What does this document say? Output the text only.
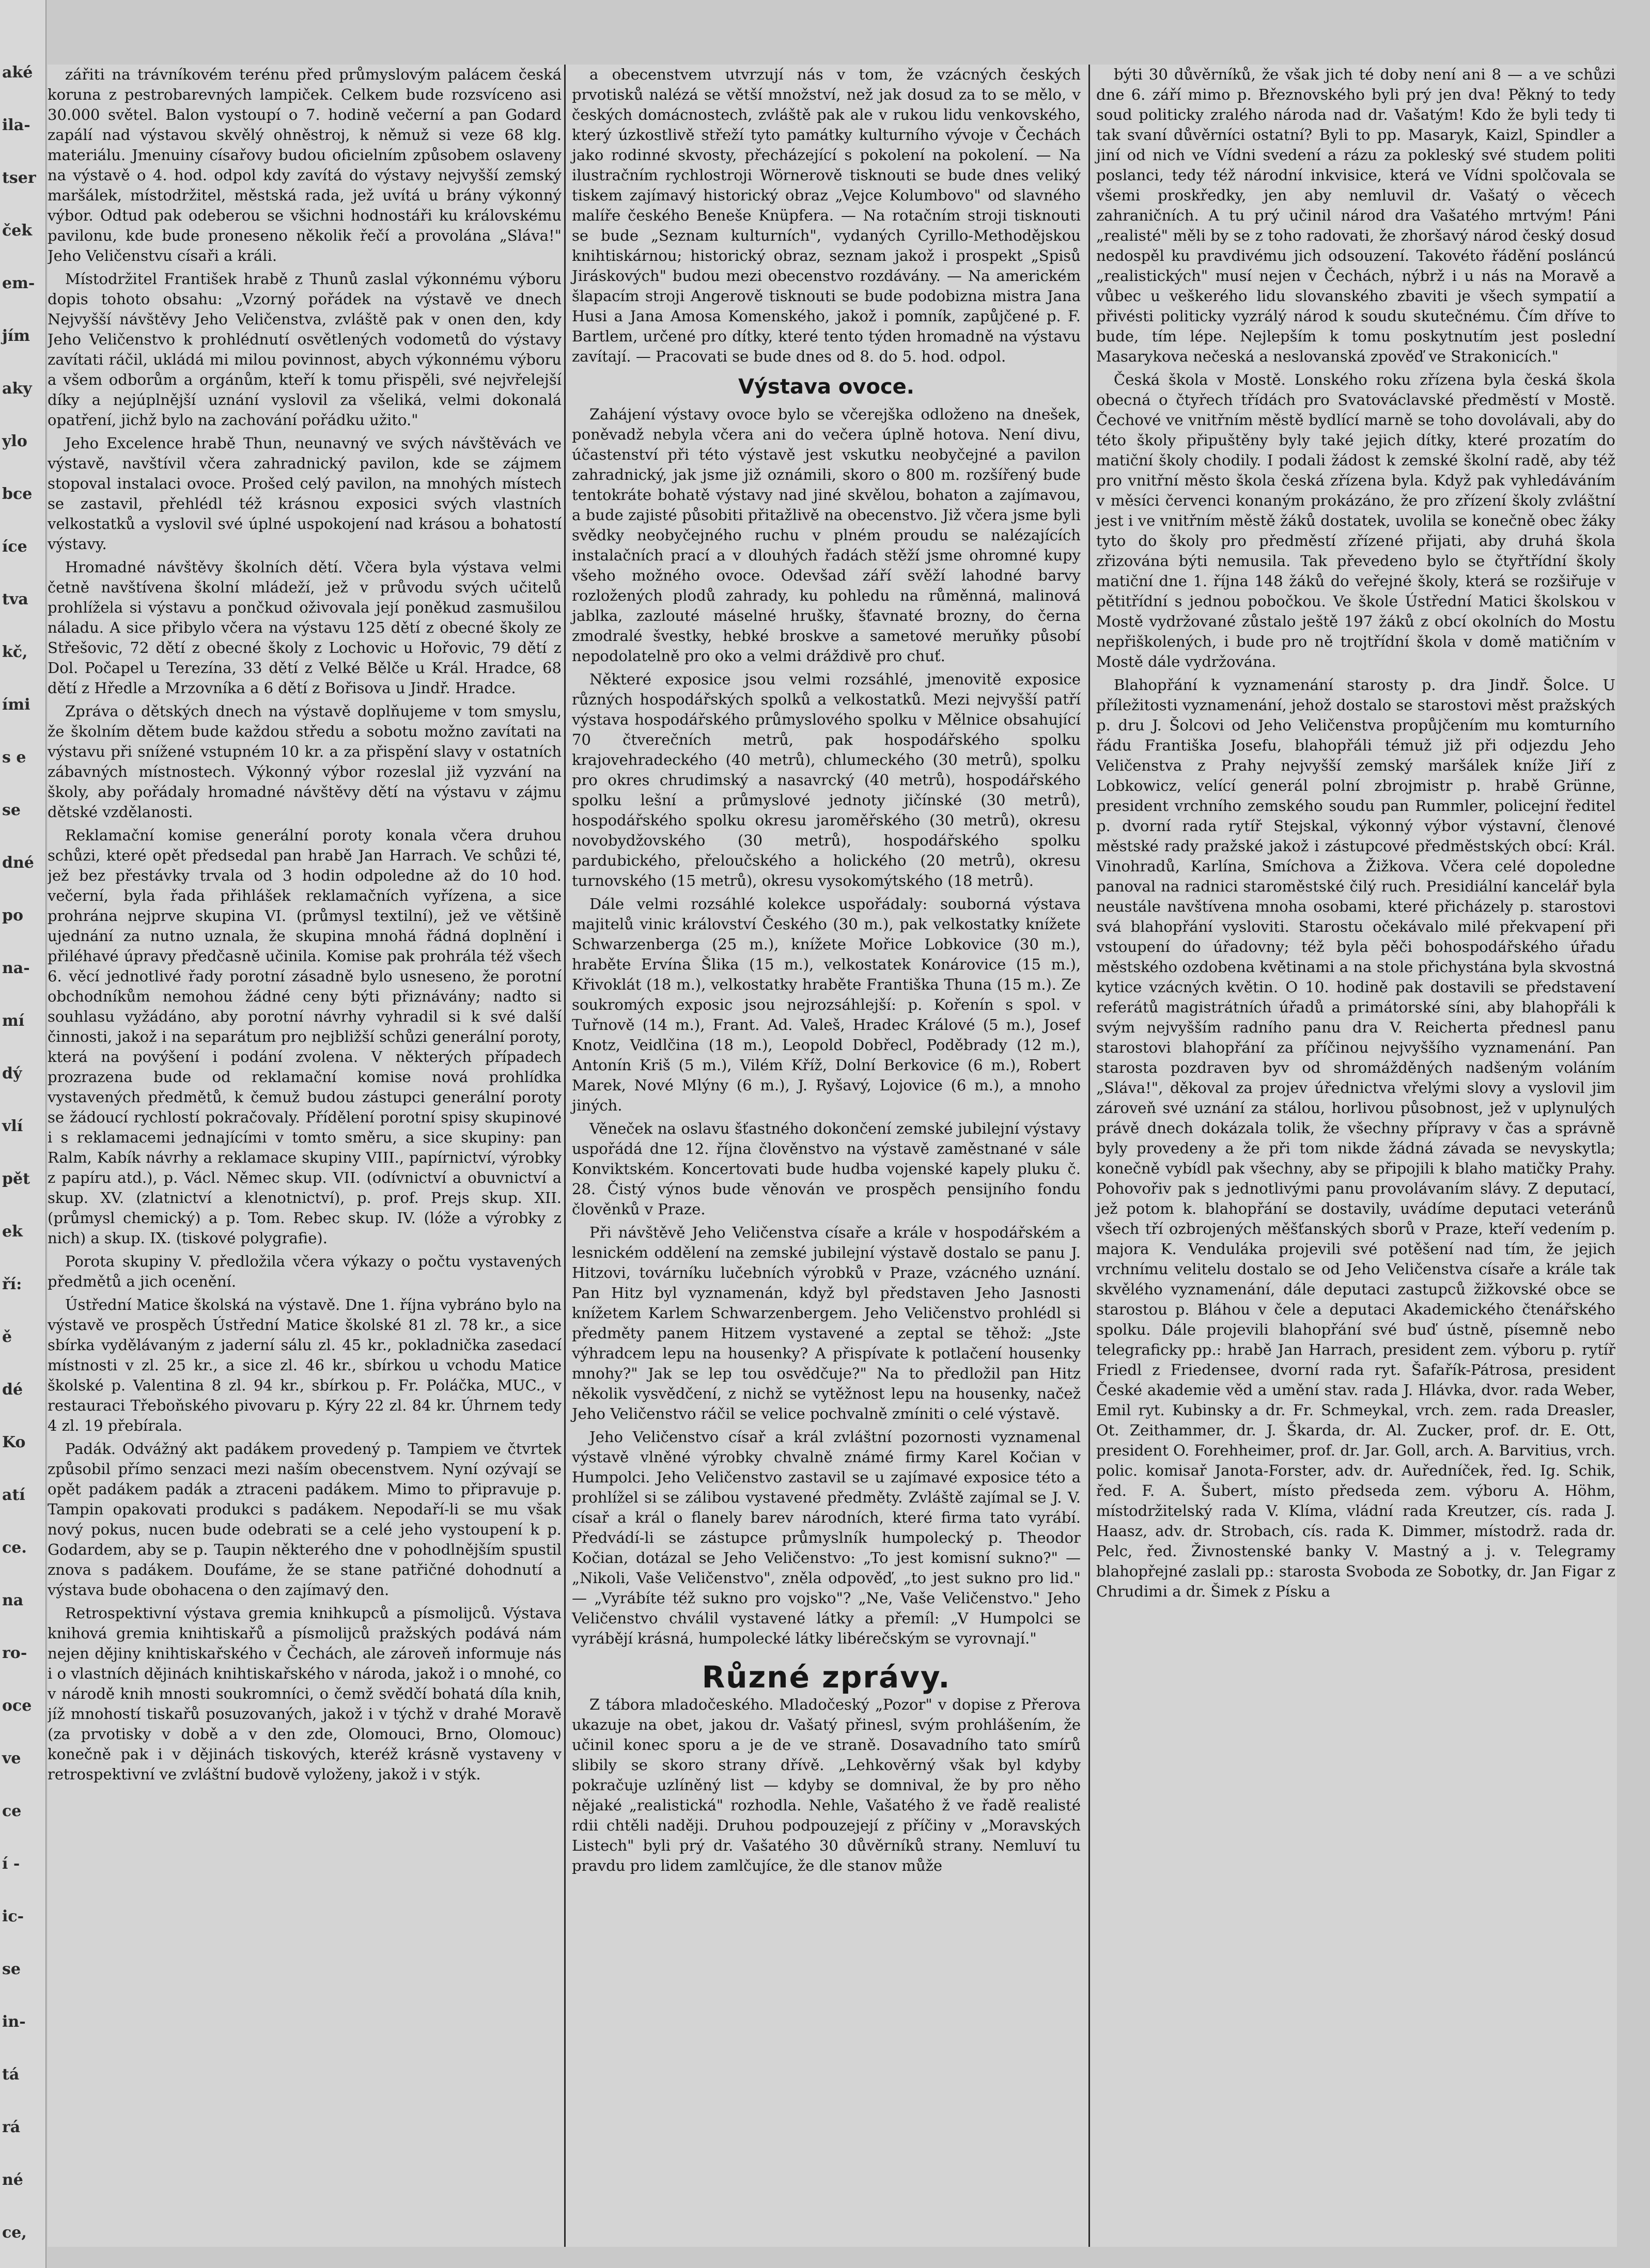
aké
ila-
tser
ček
em-
jím
aky
ylo
bce
íce
tva
kč,
ími
s e
se
dné
po
na-
mí
dý
vlí
pět
ek
ří:
ě
dé
Ko
atí
ce.
na
ro-
oce
ve
ce
í -
ic-
se
in-
tá
rá
né
ce,

zářiti na trávníkovém terénu před průmyslovým palácem česká koruna z pestrobarevných lampiček. Celkem bude rozsvíceno asi 30.000 světel. Balon vystoupí o 7. hodině večerní a pan Godard zapálí nad výstavou skvělý ohněstroj, k němuž si veze 68 klg. materiálu. Jmenuiny císařovy budou oficielním způsobem oslaveny na výstavě o 4. hod. odpol kdy zavítá do výstavy nejvyšší zemský maršálek, místodržitel, městská rada, jež uvítá u brány výkonný výbor. Odtud pak odeberou se všichni hodnostáři ku královskému pavilonu, kde bude proneseno několik řečí a provolána „Sláva!" Jeho Veličenstvu císaři a králi.

Místodržitel František hrabě z Thunů zaslal výkonnému výboru dopis tohoto obsahu: „Vzorný pořádek na výstavě ve dnech Nejvyšší návštěvy Jeho Veličenstva, zvláště pak v onen den, kdy Jeho Veličenstvo k prohlédnutí osvětlených vodometů do výstavy zavítati ráčil, ukládá mi milou povinnost, abych výkonnému výboru a všem odborům a orgánům, kteří k tomu přispěli, své nejvřelejší díky a nejúplnější uznání vyslovil za všeliká, velmi dokonalá opatření, jichž bylo na zachování pořádku užito."

Jeho Excelence hrabě Thun, neunavný ve svých návštěvách ve výstavě, navštívil včera zahradnický pavilon, kde se zájmem stopoval instalaci ovoce. Prošed celý pavilon, na mnohých místech se zastavil, přehlédl též krásnou exposici svých vlastních velkostatků a vyslovil své úplné uspokojení nad krásou a bohatostí výstavy.

Hromadné návštěvy školních dětí. Včera byla výstava velmi četně navštívena školní mládeží, jež v průvodu svých učitelů prohlížela si výstavu a pončkud oživovala její poněkud zasmušilou náladu. A sice přibylo včera na výstavu 125 dětí z obecné školy ze Střešovic, 72 dětí z obecné školy z Lochovic u Hořovic, 79 dětí z Dol. Počapel u Terezína, 33 dětí z Velké Bělče u Král. Hradce, 68 dětí z Hředle a Mrzovníka a 6 dětí z Bořisova u Jindř. Hradce.

Zpráva o dětských dnech na výstavě doplňujeme v tom smyslu, že školním dětem bude každou středu a sobotu možno zavítati na výstavu při snížené vstupném 10 kr. a za přispění slavy v ostatních zábavných místnostech. Výkonný výbor rozeslal již vyzvání na školy, aby pořádaly hromadné návštěvy dětí na výstavu v zájmu dětské vzdělanosti.

Reklamační komise generální poroty konala včera druhou schůzi, které opět předsedal pan hrabě Jan Harrach. Ve schůzi té, jež bez přestávky trvala od 3 hodin odpoledne až do 10 hod. večerní, byla řada přihlášek reklamačních vyřízena, a sice prohrána nejprve skupina VI. (průmysl textilní), jež ve většině ujednání za nutno uznala, že skupina mnohá řádná doplnění i přiléhavé úpravy předčasně učinila. Komise pak prohrála též všech 6. věcí jednotlivé řady porotní zásadně bylo usneseno, že porotní obchodníkům nemohou žádné ceny býti přiznávány; nadto si souhlasu vyžádáno, aby porotní návrhy vyhradil si k své další činnosti, jakož i na separátum pro nejbližší schůzi generální poroty, která na povýšení i podání zvolena. V některých případech prozrazena bude od reklamační komise nová prohlídka vystavených předmětů, k čemuž budou zástupci generální poroty se žádoucí rychlostí pokračovaly. Přídělení porotní spisy skupinové i s reklamacemi jednajícími v tomto směru, a sice skupiny: pan Ralm, Kabík návrhy a reklamace skupiny VIII., papírnictví, výrobky z papíru atd.), p. Václ. Němec skup. VII. (odívnictví a obuvnictví a skup. XV. (zlatnictví a klenotnictví), p. prof. Prejs skup. XII. (průmysl chemický) a p. Tom. Rebec skup. IV. (lóže a výrobky z nich) a skup. IX. (tiskové polygrafie).

Porota skupiny V. předložila včera výkazy o počtu vystavených předmětů a jich ocenění.

Ústřední Matice školská na výstavě. Dne 1. října vybráno bylo na výstavě ve prospěch Ústřední Matice školské 81 zl. 78 kr., a sice sbírka vydělávaným z jaderní sálu zl. 45 kr., pokladnička zasedací místnosti v zl. 25 kr., a sice zl. 46 kr., sbírkou u vchodu Matice školské p. Valentina 8 zl. 94 kr., sbírkou p. Fr. Poláčka, MUC., v restauraci Třeboňského pivovaru p. Kýry 22 zl. 84 kr. Úhrnem tedy 4 zl. 19 přebírala.

Padák. Odvážný akt padákem provedený p. Tampiem ve čtvrtek způsobil přímo senzaci mezi naším obecenstvem. Nyní ozývají se opět padákem padák a ztraceni padákem. Mimo to připravuje p. Tampin opakovati produkci s padákem. Nepodaří-li se mu však nový pokus, nucen bude odebrati se a celé jeho vystoupení k p. Godardem, aby se p. Taupin některého dne v pohodlnějším spustil znova s padákem. Doufáme, že se stane patřičné dohodnutí a výstava bude obohacena o den zajímavý den.

Retrospektivní výstava gremia knihkupců a písmolijců. Výstava knihová gremia knihtiskařů a písmolijců pražských podává nám nejen dějiny knihtiskařského v Čechách, ale zároveň informuje nás i o vlastních dějinách knihtiskařského v národa, jakož i o mnohé, co v národě knih mnosti soukromníci, o čemž svědčí bohatá díla knih, jíž mnohostí tiskařů posuzovaných, jakož i v týchž v drahé Moravě (za prvotisky v době a v den zde, Olomouci, Brno, Olomouc) konečně pak i v dějinách tiskových, kteréž krásně vystaveny v retrospektivní ve zvláštní budově vyloženy, jakož i v stýk.

a obecenstvem utvrzují nás v tom, že vzácných českých prvotisků nalézá se větší množství, než jak dosud za to se mělo, v českých domácnostech, zvláště pak ale v rukou lidu venkovského, který úzkostlivě střeží tyto památky kulturního vývoje v Čechách jako rodinné skvosty, přecházející s pokolení na pokolení. — Na ilustračním rychlostroji Wörnerově tisknouti se bude dnes veliký tiskem zajímavý historický obraz „Vejce Kolumbovo" od slavného malíře českého Beneše Knüpfera. — Na rotačním stroji tisknouti se bude „Seznam kulturních", vydaných Cyrillo-Methodějskou knihtiskárnou; historický obraz, seznam jakož i prospekt „Spisů Jiráskových" budou mezi obecenstvo rozdávány. — Na americkém šlapacím stroji Angerově tisknouti se bude podobizna mistra Jana Husi a Jana Amosa Komenského, jakož i pomník, zapůjčené p. F. Bartlem, určené pro dítky, které tento týden hromadně na výstavu zavítají. — Pracovati se bude dnes od 8. do 5. hod. odpol.

Výstava ovoce.

Zahájení výstavy ovoce bylo se včerejška odloženo na dnešek, poněvadž nebyla včera ani do večera úplně hotova. Není divu, účastenství při této výstavě jest vskutku neobyčejné a pavilon zahradnický, jak jsme již oznámili, skoro o 800 m. rozšířený bude tentokráte bohatě výstavy nad jiné skvělou, bohaton a zajímavou, a bude zajisté působiti přitažlivě na obecenstvo. Již včera jsme byli svědky neobyčejného ruchu v plném proudu se nalézajících instalačních prací a v dlouhých řadách stěží jsme ohromné kupy všeho možného ovoce. Odevšad září svěží lahodné barvy rozložených plodů zahrady, ku pohledu na růměnná, malinová jablka, zazlouté máselné hrušky, šťavnaté brozny, do černa zmodralé švestky, hebké broskve a sametové meruňky působí nepodolatelně pro oko a velmi dráždivě pro chuť.

Některé exposice jsou velmi rozsáhlé, jmenovitě exposice různých hospodářských spolků a velkostatků. Mezi nejvyšší patří výstava hospodářského průmyslového spolku v Mělnice obsahující 70 čtverečních metrů, pak hospodářského spolku krajovehradeckého (40 metrů), chlumeckého (30 metrů), spolku pro okres chrudimský a nasavrcký (40 metrů), hospodářského spolku lešní a průmyslové jednoty jičínské (30 metrů), hospodářského spolku okresu jaroměřského (30 metrů), okresu novobydžovského (30 metrů), hospodářského spolku pardubického, přeloučského a holického (20 metrů), okresu turnovského (15 metrů), okresu vysokomýtského (18 metrů).

Dále velmi rozsáhlé kolekce uspořádaly: souborná výstava majitelů vinic království Českého (30 m.), pak velkostatky knížete Schwarzenberga (25 m.), knížete Mořice Lobkovice (30 m.), hraběte Ervína Šlika (15 m.), velkostatek Konárovice (15 m.), Křivoklát (18 m.), velkostatky hraběte Františka Thuna (15 m.). Ze soukromých exposic jsou nejrozsáhlejší: p. Kořenín s spol. v Tuřnově (14 m.), Frant. Ad. Valeš, Hradec Králové (5 m.), Josef Knotz, Veidlčina (18 m.), Leopold Dobřecl, Poděbrady (12 m.), Antonín Kriš (5 m.), Vilém Kříž, Dolní Berkovice (6 m.), Robert Marek, Nové Mlýny (6 m.), J. Ryšavý, Lojovice (6 m.), a mnoho jiných.

Věneček na oslavu šťastného dokončení zemské jubilejní výstavy uspořádá dne 12. října člověnstvo na výstavě zaměstnané v sále Konviktském. Koncertovati bude hudba vojenské kapely pluku č. 28. Čistý výnos bude věnován ve prospěch pensijního fondu člověnků v Praze.

Při návštěvě Jeho Veličenstva císaře a krále v hospodářském a lesnickém oddělení na zemské jubilejní výstavě dostalo se panu J. Hitzovi, továrníku lučebních výrobků v Praze, vzácného uznání. Pan Hitz byl vyznamenán, když byl představen Jeho Jasnosti knížetem Karlem Schwarzenbergem. Jeho Veličenstvo prohlédl si předměty panem Hitzem vystavené a zeptal se těhož: „Jste výhradcem lepu na housenky? A přispívate k potlačení housenky mnohy?" Jak se lep tou osvědčuje?" Na to předložil pan Hitz několik vysvědčení, z nichž se vytěžnost lepu na housenky, načež Jeho Veličenstvo ráčil se velice pochvalně zmíniti o celé výstavě.

Jeho Veličenstvo císař a král zvláštní pozornosti vyznamenal výstavě vlněné výrobky chvalně známé firmy Karel Kočian v Humpolci. Jeho Veličenstvo zastavil se u zajímavé exposice této a prohlížel si se zálibou vystavené předměty. Zvláště zajímal se J. V. císař a král o flanely barev národních, které firma tato vyrábí. Předvádí-li se zástupce průmyslník humpolecký p. Theodor Kočian, dotázal se Jeho Veličenstvo: „To jest komisní sukno?" — „Nikoli, Vaše Veličenstvo", zněla odpověď, „to jest sukno pro lid." — „Vyrábíte též sukno pro vojsko"? „Ne, Vaše Veličenstvo." Jeho Veličenstvo chválil vystavené látky a přemíl: „V Humpolci se vyrábějí krásná, humpolecké látky libérečským se vyrovnají."

Různé zprávy.

Z tábora mladočeského. Mladočeský „Pozor" v dopise z Přerova ukazuje na obet, jakou dr. Vašatý přinesl, svým prohlášením, že učinil konec sporu a je de ve straně. Dosavadního tato smírů slibily se skoro strany dřívě. „Lehkověrný však byl kdyby pokračuje uzlíněný list — kdyby se domnival, že by pro něho nějaké „realistická" rozhodla. Nehle, Vašatého ž ve řadě realisté rdii chtěli naději. Druhou podpouzejejí z příčiny v „Moravských Listech" byli prý dr. Vašatého 30 důvěrníků strany. Nemluví tu pravdu pro lidem zamlčujíce, že dle stanov může

býti 30 důvěrníků, že však jich té doby není ani 8 — a ve schůzi dne 6. září mimo p. Březnovského byli prý jen dva! Pěkný to tedy soud politicky zralého národa nad dr. Vašatým! Kdo že byli tedy ti tak svaní důvěrníci ostatní? Byli to pp. Masaryk, Kaizl, Spindler a jiní od nich ve Vídni svedení a rázu za pokleský své studem politi poslanci, tedy též národní inkvisice, která ve Vídni spolčovala se všemi proskředky, jen aby nemluvil dr. Vašatý o věcech zahraničních. A tu prý učinil národ dra Vašatého mrtvým! Páni „realisté" měli by se z toho radovati, že zhoršavý národ český dosud nedospěl ku pravdivému jich odsouzení. Takovéto řádění posláncú „realistických" musí nejen v Čechách, nýbrž i u nás na Moravě a vůbec u veškerého lidu slovanského zbaviti je všech sympatií a přivésti politicky vyzrálý národ k soudu skutečnému. Čím dříve to bude, tím lépe. Nejlepším k tomu poskytnutím jest poslední Masarykova nečeská a neslovanská zpověď ve Strakonicích."

Česká škola v Mostě. Lonského roku zřízena byla česká škola obecná o čtyřech třídách pro Svatováclavské předměstí v Mostě. Čechové ve vnitřním městě bydlící marně se toho dovolávali, aby do této školy připuštěny byly také jejich dítky, které prozatím do matiční školy chodily. I podali žádost k zemské školní radě, aby též pro vnitřní město škola česká zřízena byla. Když pak vyhledáváním v měsíci červenci konaným prokázáno, že pro zřízení školy zvláštní jest i ve vnitřním městě žáků dostatek, uvolila se konečně obec žáky tyto do školy pro předměstí zřízené přijati, aby druhá škola zřizována býti nemusila. Tak převedeno bylo se čtyřtřídní školy matiční dne 1. října 148 žáků do veřejné školy, která se rozšiřuje v pětitřídní s jednou pobočkou. Ve škole Ústřední Matici školskou v Mostě vydržované zůstalo ještě 197 žáků z obcí okolních do Mostu nepřiškolených, i bude pro ně trojtřídní škola v domě matičním v Mostě dále vydržována.

Blahopřání k vyznamenání starosty p. dra Jindř. Šolce. U příležitosti vyznamenání, jehož dostalo se starostovi měst pražských p. dru J. Šolcovi od Jeho Veličenstva propůjčením mu komturního řádu Františka Josefu, blahopřáli témuž již při odjezdu Jeho Veličenstva z Prahy nejvyšší zemský maršálek kníže Jiří z Lobkowicz, velící generál polní zbrojmistr p. hrabě Grünne, president vrchního zemského soudu pan Rummler, policejní ředitel p. dvorní rada rytíř Stejskal, výkonný výbor výstavní, členové městské rady pražské jakož i zástupcové předměstských obcí: Král. Vinohradů, Karlína, Smíchova a Žižkova. Včera celé dopoledne panoval na radnici staroměstské čilý ruch. Presidiální kancelář byla neustále navštívena mnoha osobami, které přicházely p. starostovi svá blahopřání vysloviti. Starostu očekávalo milé překvapení při vstoupení do úřadovny; též byla pěči bohospodářského úřadu městského ozdobena květinami a na stole přichystána byla skvostná kytice vzácných květin. O 10. hodině pak dostavili se představení referátů magistrátních úřadů a primátorské síni, aby blahopřáli k svým nejvyšším radního panu dra V. Reicherta přednesl panu starostovi blahopřání za příčinou nejvyššího vyznamenání. Pan starosta pozdraven byv od shromážděných nadšeným voláním „Sláva!", děkoval za projev úřednictva vřelými slovy a vyslovil jim zároveň své uznání za stálou, horlivou působnost, jež v uplynulých právě dnech dokázala tolik, že všechny přípravy v čas a správně byly provedeny a že při tom nikde žádná závada se nevyskytla; konečně vybídl pak všechny, aby se připojili k blaho matičky Prahy. Pohovořiv pak s jednotlivými panu provolávaním slávy. Z deputací, jež potom k. blahopřání se dostavily, uvádíme deputaci veteránů všech tří ozbrojených měšťanských sborů v Praze, kteří vedením p. majora K. Venduláka projevili své potěšení nad tím, že jejich vrchnímu velitelu dostalo se od Jeho Veličenstva císaře a krále tak skvělého vyznamenání, dále deputaci zastupců žižkovské obce se starostou p. Bláhou v čele a deputaci Akademického čtenářského spolku. Dále projevili blahopřání své buď ústně, písemně nebo telegraficky pp.: hrabě Jan Harrach, president zem. výboru p. rytíř Friedl z Friedensee, dvorní rada ryt. Šafařík-Pátrosa, president České akademie věd a umění stav. rada J. Hlávka, dvor. rada Weber, Emil ryt. Kubinsky a dr. Fr. Schmeykal, vrch. zem. rada Dreasler, Ot. Zeithammer, dr. J. Škarda, dr. Al. Zucker, prof. dr. E. Ott, president O. Forehheimer, prof. dr. Jar. Goll, arch. A. Barvitius, vrch. polic. komisař Janota-Forster, adv. dr. Auředníček, řed. Ig. Schik, řed. F. A. Šubert, místo předseda zem. výboru A. Höhm, místodržitelský rada V. Klíma, vládní rada Kreutzer, cís. rada J. Haasz, adv. dr. Strobach, cís. rada K. Dimmer, místodrž. rada dr. Pelc, řed. Živnostenské banky V. Mastný a j. v. Telegramy blahopřejné zaslali pp.: starosta Svoboda ze Sobotky, dr. Jan Figar z Chrudimi a dr. Šimek z Písku a
